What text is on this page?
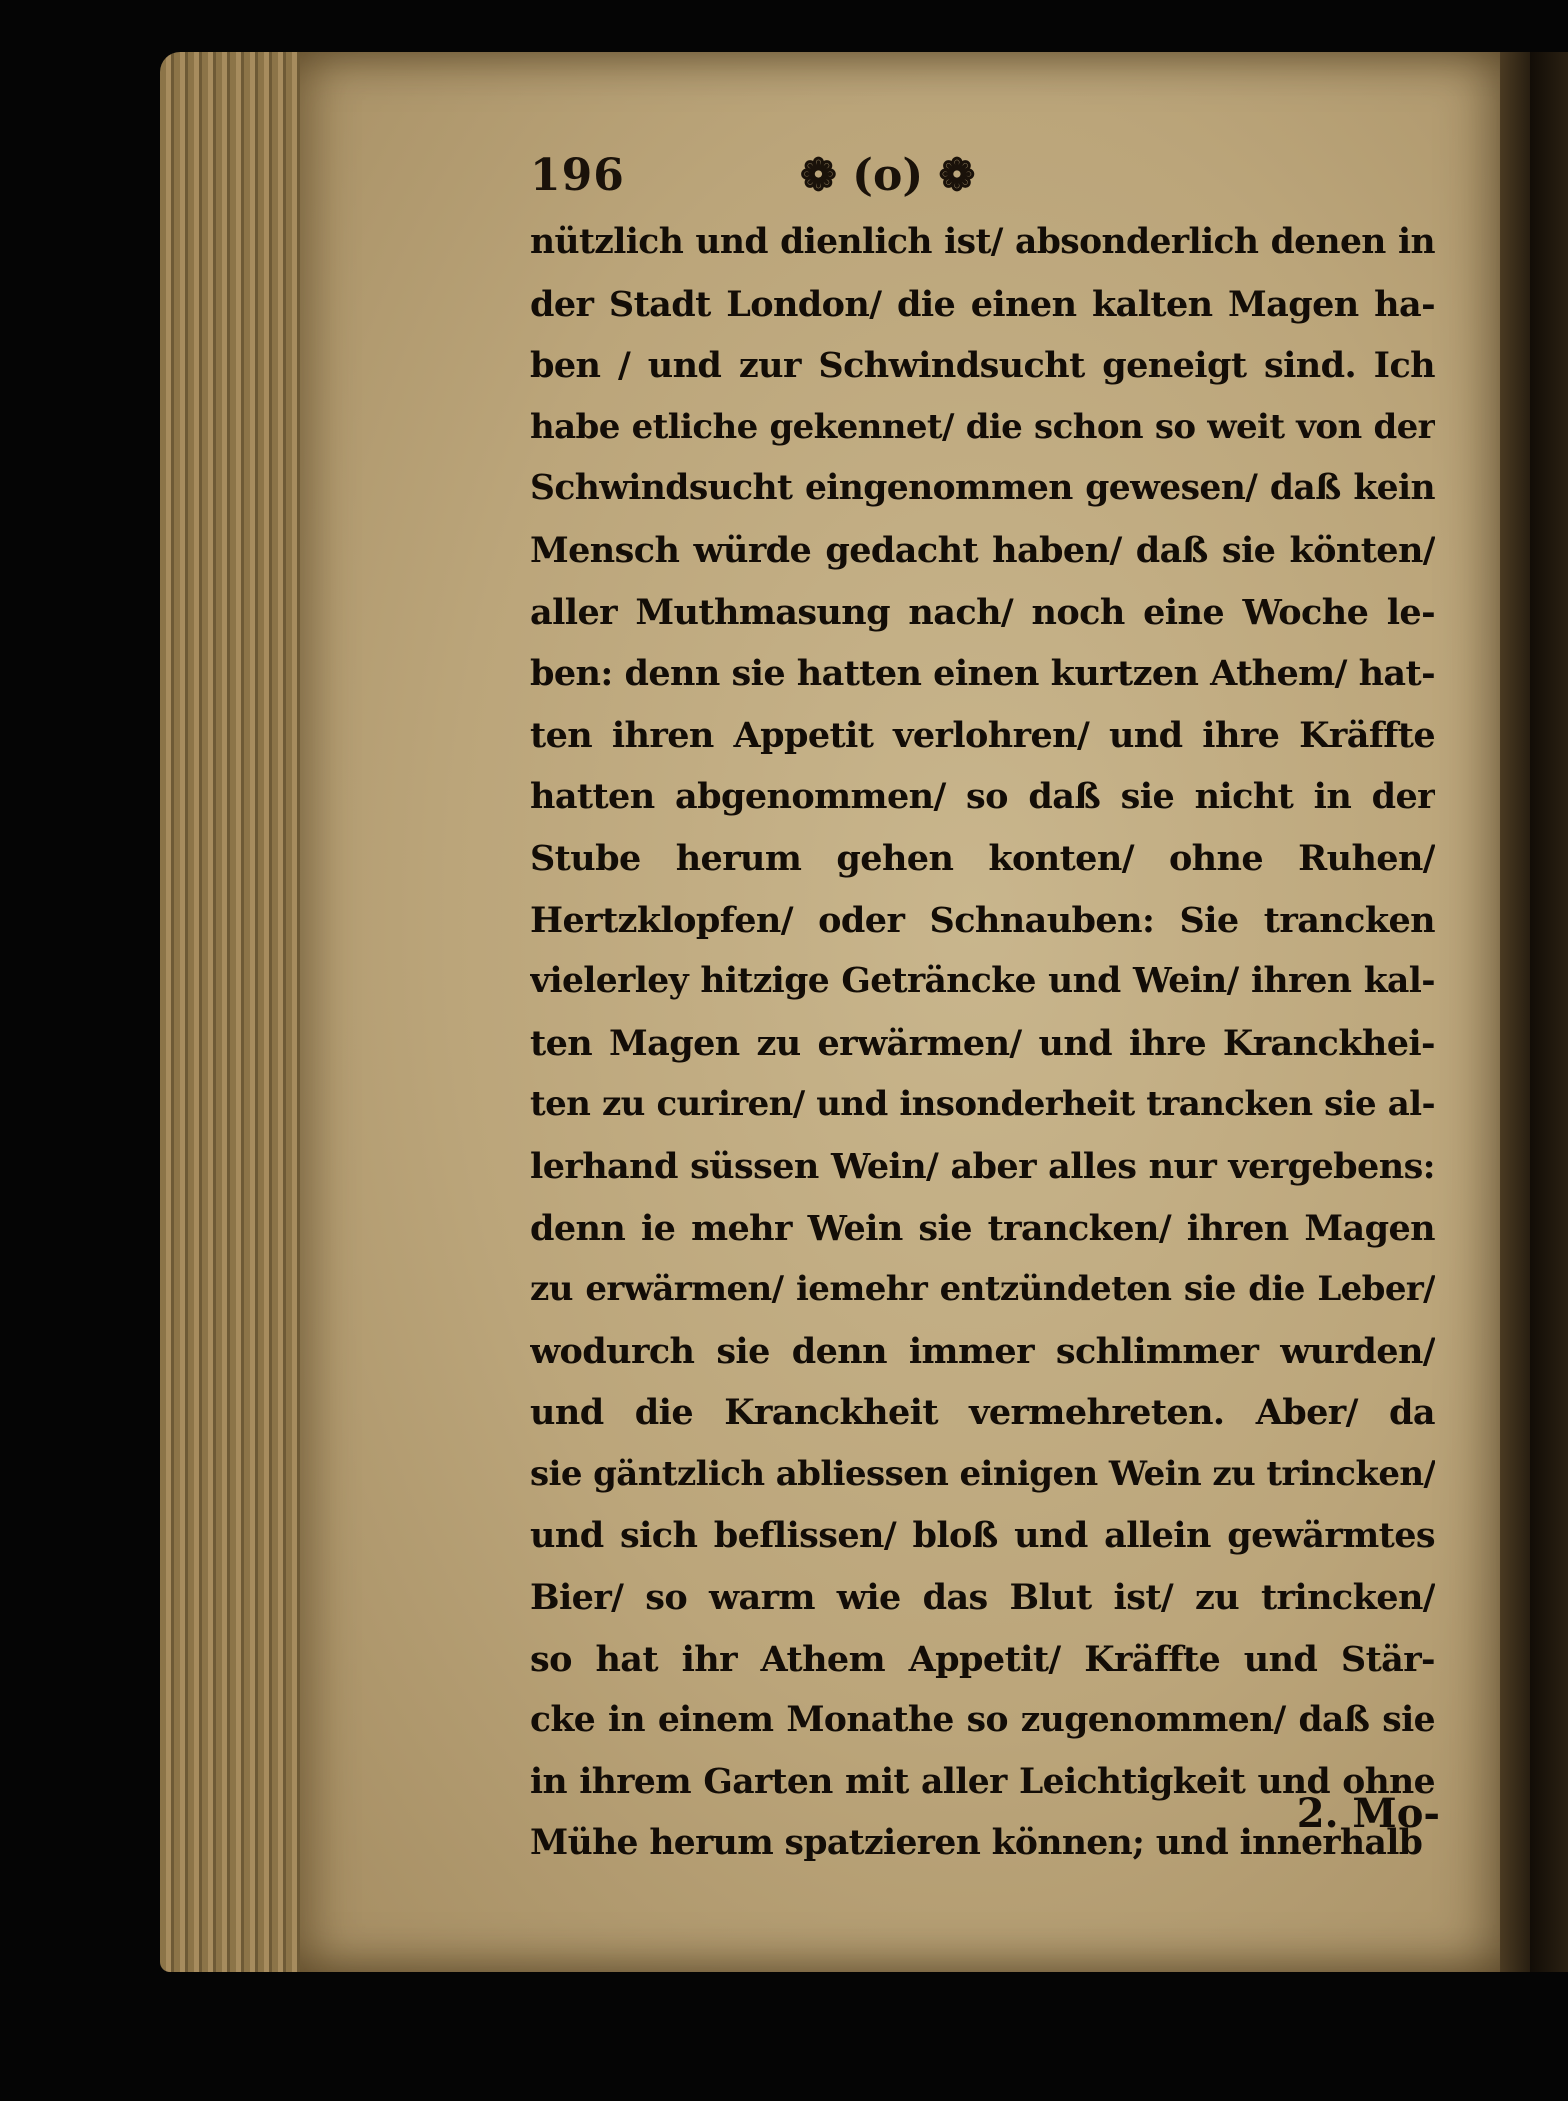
196	❁ (o) ❁
nützlich und dienlich ist/ absonderlich denen in
der Stadt London/ die einen kalten Magen ha-
ben / und zur Schwindsucht geneigt sind. Ich
habe etliche gekennet/ die schon so weit von der
Schwindsucht eingenommen gewesen/ daß kein
Mensch würde gedacht haben/ daß sie könten/
aller Muthmasung nach/ noch eine Woche le-
ben: denn sie hatten einen kurtzen Athem/ hat-
ten ihren Appetit verlohren/ und ihre Kräffte
hatten abgenommen/ so daß sie nicht in der
Stube herum gehen konten/ ohne Ruhen/
Hertzklopfen/ oder Schnauben: Sie trancken
vielerley hitzige Geträncke und Wein/ ihren kal-
ten Magen zu erwärmen/ und ihre Kranckhei-
ten zu curiren/ und insonderheit trancken sie al-
lerhand süssen Wein/ aber alles nur vergebens:
denn ie mehr Wein sie trancken/ ihren Magen
zu erwärmen/ iemehr entzündeten sie die Leber/
wodurch sie denn immer schlimmer wurden/
und die Kranckheit vermehreten. Aber/ da
sie gäntzlich abliessen einigen Wein zu trincken/
und sich beflissen/ bloß und allein gewärmtes
Bier/ so warm wie das Blut ist/ zu trincken/
so hat ihr Athem Appetit/ Kräffte und Stär-
cke in einem Monathe so zugenommen/ daß sie
in ihrem Garten mit aller Leichtigkeit und ohne
Mühe herum spatzieren können; und innerhalb
2. Mo-
